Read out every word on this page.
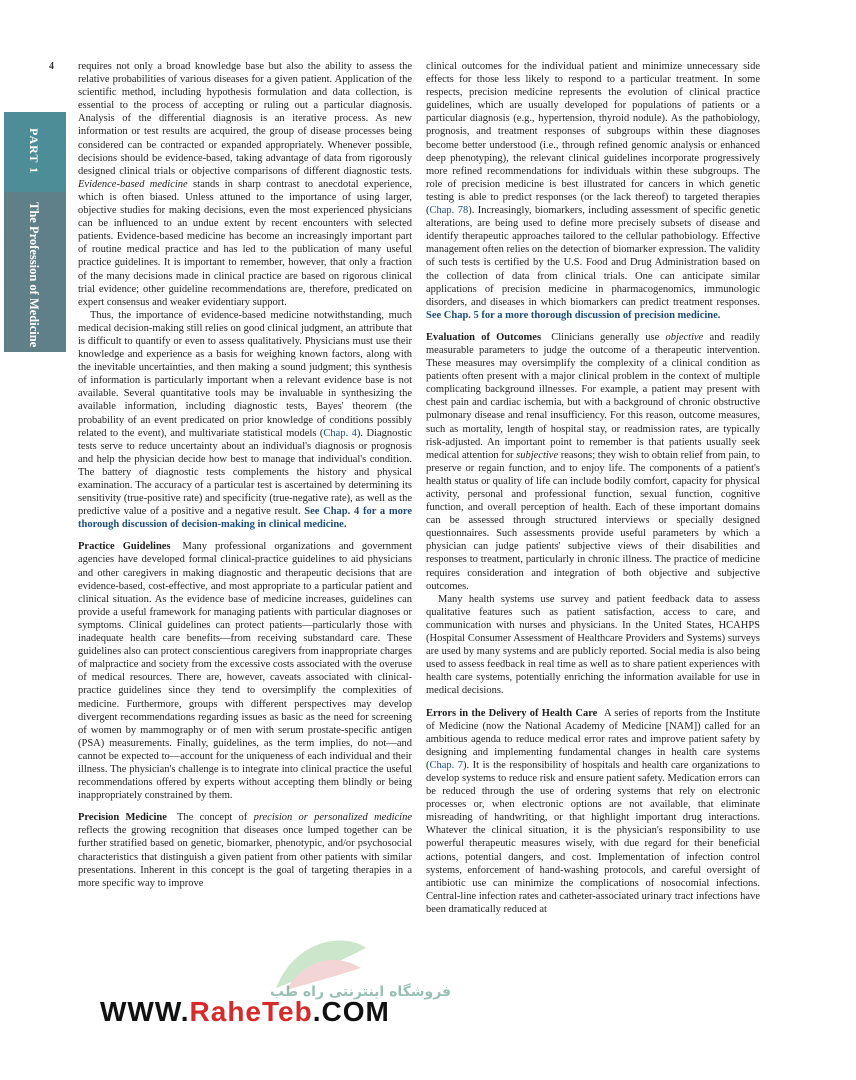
4
PART 1
The Profession of Medicine

requires not only a broad knowledge base but also the ability to assess the relative probabilities of various diseases for a given patient. Application of the scientific method, including hypothesis formulation and data collection, is essential to the process of accepting or ruling out a particular diagnosis. Analysis of the differential diagnosis is an iterative process. As new information or test results are acquired, the group of disease processes being considered can be contracted or expanded appropriately. Whenever possible, decisions should be evidence-based, taking advantage of data from rigorously designed clinical trials or objective comparisons of different diagnostic tests. Evidence-based medicine stands in sharp contrast to anecdotal experience, which is often biased. Unless attuned to the importance of using larger, objective studies for making decisions, even the most experienced physicians can be influenced to an undue extent by recent encounters with selected patients. Evidence-based medicine has become an increasingly important part of routine medical practice and has led to the publication of many useful practice guidelines. It is important to remember, however, that only a fraction of the many decisions made in clinical practice are based on rigorous clinical trial evidence; other guideline recommendations are, therefore, predicated on expert consensus and weaker evidentiary support.

Thus, the importance of evidence-based medicine notwithstanding, much medical decision-making still relies on good clinical judgment, an attribute that is difficult to quantify or even to assess qualitatively. Physicians must use their knowledge and experience as a basis for weighing known factors, along with the inevitable uncertainties, and then making a sound judgment; this synthesis of information is particularly important when a relevant evidence base is not available. Several quantitative tools may be invaluable in synthesizing the available information, including diagnostic tests, Bayes' theorem (the probability of an event predicated on prior knowledge of conditions possibly related to the event), and multivariate statistical models (Chap. 4). Diagnostic tests serve to reduce uncertainty about an individual's diagnosis or prognosis and help the physician decide how best to manage that individual's condition. The battery of diagnostic tests complements the history and physical examination. The accuracy of a particular test is ascertained by determining its sensitivity (true-positive rate) and specificity (true-negative rate), as well as the predictive value of a positive and a negative result. See Chap. 4 for a more thorough discussion of decision-making in clinical medicine.

Practice Guidelines Many professional organizations and government agencies have developed formal clinical-practice guidelines to aid physicians and other caregivers in making diagnostic and therapeutic decisions that are evidence-based, cost-effective, and most appropriate to a particular patient and clinical situation. As the evidence base of medicine increases, guidelines can provide a useful framework for managing patients with particular diagnoses or symptoms. Clinical guidelines can protect patients—particularly those with inadequate health care benefits—from receiving substandard care. These guidelines also can protect conscientious caregivers from inappropriate charges of malpractice and society from the excessive costs associated with the overuse of medical resources. There are, however, caveats associated with clinical-practice guidelines since they tend to oversimplify the complexities of medicine. Furthermore, groups with different perspectives may develop divergent recommendations regarding issues as basic as the need for screening of women by mammography or of men with serum prostate-specific antigen (PSA) measurements. Finally, guidelines, as the term implies, do not—and cannot be expected to—account for the uniqueness of each individual and their illness. The physician's challenge is to integrate into clinical practice the useful recommendations offered by experts without accepting them blindly or being inappropriately constrained by them.

Precision Medicine The concept of precision or personalized medicine reflects the growing recognition that diseases once lumped together can be further stratified based on genetic, biomarker, phenotypic, and/or psychosocial characteristics that distinguish a given patient from other patients with similar presentations. Inherent in this concept is the goal of targeting therapies in a more specific way to improve

clinical outcomes for the individual patient and minimize unnecessary side effects for those less likely to respond to a particular treatment. In some respects, precision medicine represents the evolution of clinical practice guidelines, which are usually developed for populations of patients or a particular diagnosis (e.g., hypertension, thyroid nodule). As the pathobiology, prognosis, and treatment responses of subgroups within these diagnoses become better understood (i.e., through refined genomic analysis or enhanced deep phenotyping), the relevant clinical guidelines incorporate progressively more refined recommendations for individuals within these subgroups. The role of precision medicine is best illustrated for cancers in which genetic testing is able to predict responses (or the lack thereof) to targeted therapies (Chap. 78). Increasingly, biomarkers, including assessment of specific genetic alterations, are being used to define more precisely subsets of disease and identify therapeutic approaches tailored to the cellular pathobiology. Effective management often relies on the detection of biomarker expression. The validity of such tests is certified by the U.S. Food and Drug Administration based on the collection of data from clinical trials. One can anticipate similar applications of precision medicine in pharmacogenomics, immunologic disorders, and diseases in which biomarkers can predict treatment responses. See Chap. 5 for a more thorough discussion of precision medicine.

Evaluation of Outcomes Clinicians generally use objective and readily measurable parameters to judge the outcome of a therapeutic intervention. These measures may oversimplify the complexity of a clinical condition as patients often present with a major clinical problem in the context of multiple complicating background illnesses. For example, a patient may present with chest pain and cardiac ischemia, but with a background of chronic obstructive pulmonary disease and renal insufficiency. For this reason, outcome measures, such as mortality, length of hospital stay, or readmission rates, are typically risk-adjusted. An important point to remember is that patients usually seek medical attention for subjective reasons; they wish to obtain relief from pain, to preserve or regain function, and to enjoy life. The components of a patient's health status or quality of life can include bodily comfort, capacity for physical activity, personal and professional function, sexual function, cognitive function, and overall perception of health. Each of these important domains can be assessed through structured interviews or specially designed questionnaires. Such assessments provide useful parameters by which a physician can judge patients' subjective views of their disabilities and responses to treatment, particularly in chronic illness. The practice of medicine requires consideration and integration of both objective and subjective outcomes.

Many health systems use survey and patient feedback data to assess qualitative features such as patient satisfaction, access to care, and communication with nurses and physicians. In the United States, HCAHPS (Hospital Consumer Assessment of Healthcare Providers and Systems) surveys are used by many systems and are publicly reported. Social media is also being used to assess feedback in real time as well as to share patient experiences with health care systems, potentially enriching the information available for use in medical decisions.

Errors in the Delivery of Health Care A series of reports from the Institute of Medicine (now the National Academy of Medicine [NAM]) called for an ambitious agenda to reduce medical error rates and improve patient safety by designing and implementing fundamental changes in health care systems (Chap. 7). It is the responsibility of hospitals and health care organizations to develop systems to reduce risk and ensure patient safety. Medication errors can be reduced through the use of ordering systems that rely on electronic processes or, when electronic options are not available, that eliminate misreading of handwriting, or that highlight important drug interactions. Whatever the clinical situation, it is the physician's responsibility to use powerful therapeutic measures wisely, with due regard for their beneficial actions, potential dangers, and cost. Implementation of infection control systems, enforcement of hand-washing protocols, and careful oversight of antibiotic use can minimize the complications of nosocomial infections. Central-line infection rates and catheter-associated urinary tract infections have been dramatically reduced at

فروشگاه اینترنتی راه طب
WWW.RaheTeb.COM
